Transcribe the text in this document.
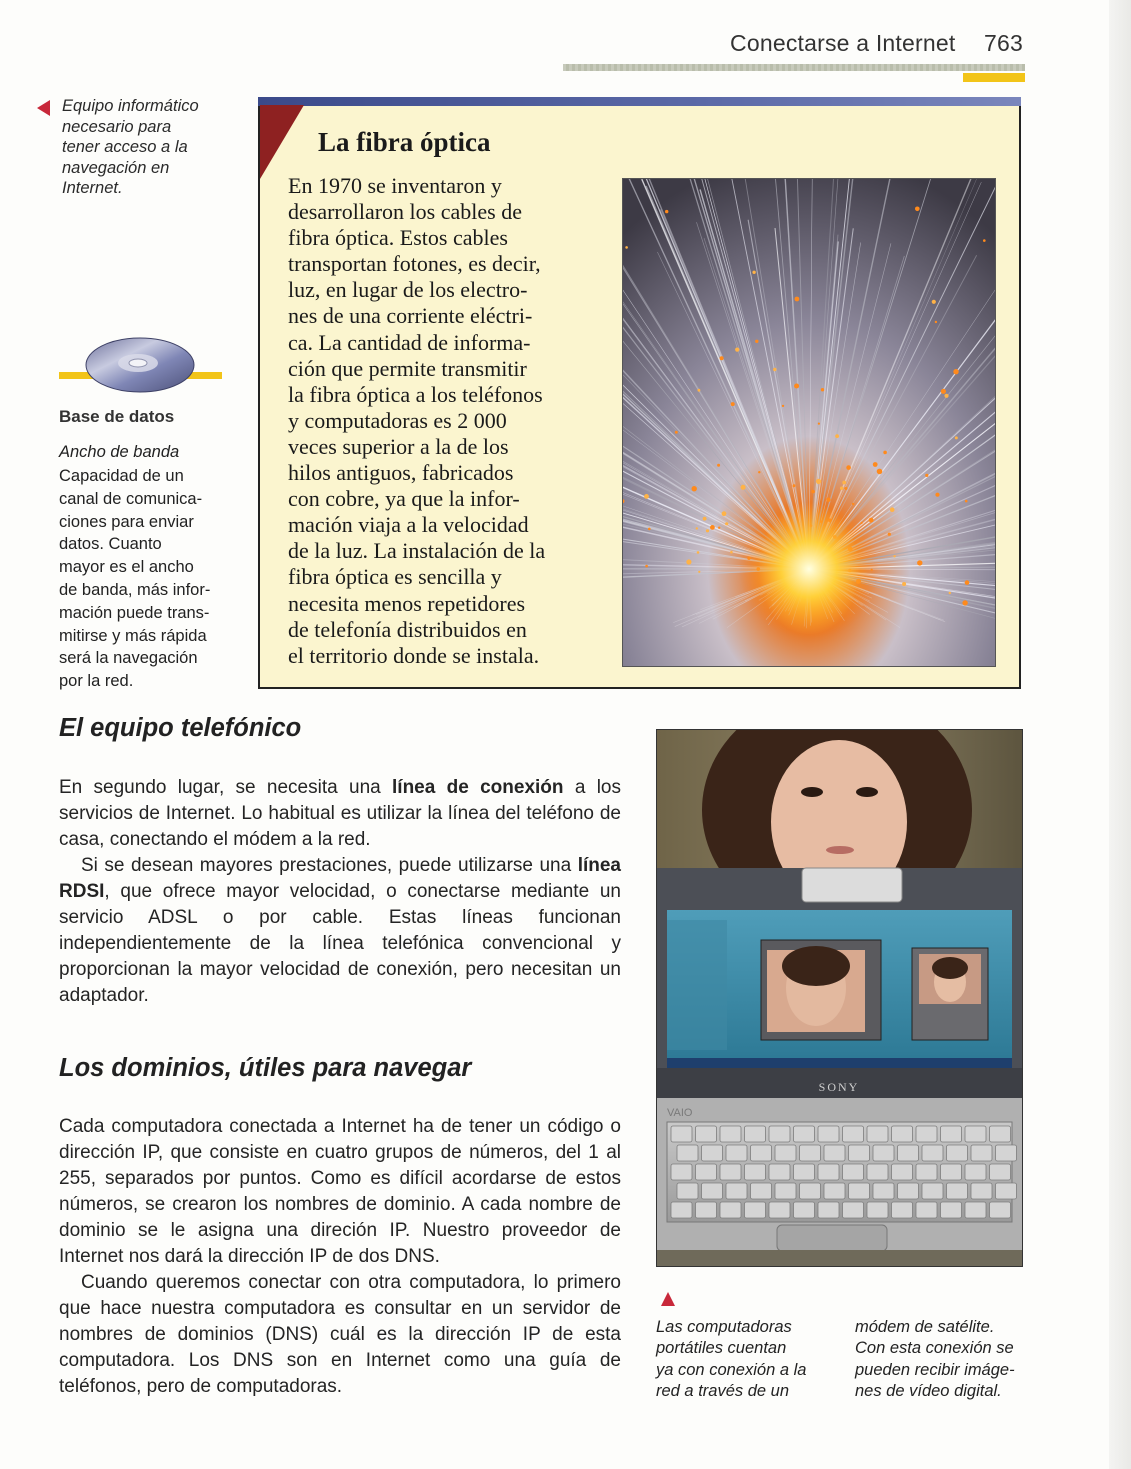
Conectarse a Internet 763
Equipo informático
necesario para
tener acceso a la
navegación en
Internet.
Base de datos
Ancho de banda
Capacidad de un
canal de comunica-
ciones para enviar
datos. Cuanto
mayor es el ancho
de banda, más infor-
mación puede trans-
mitirse y más rápida
será la navegación
por la red.
La fibra óptica
En 1970 se inventaron y
desarrollaron los cables de
fibra óptica. Estos cables
transportan fotones, es decir,
luz, en lugar de los electro-
nes de una corriente eléctri-
ca. La cantidad de informa-
ción que permite transmitir
la fibra óptica a los teléfonos
y computadoras es 2 000
veces superior a la de los
hilos antiguos, fabricados
con cobre, ya que la infor-
mación viaja a la velocidad
de la luz. La instalación de la
fibra óptica es sencilla y
necesita menos repetidores
de telefonía distribuidos en
el territorio donde se instala.
El equipo telefónico

En segundo lugar, se necesita una línea de conexión a los servicios de Internet. Lo habitual es utilizar la línea del teléfono de casa, conectando el módem a la red.

Si se desean mayores prestaciones, puede utilizarse una línea RDSI, que ofrece mayor velocidad, o conectarse mediante un servicio ADSL o por cable. Estas líneas funcionan independientemente de la línea telefónica convencional y proporcionan la mayor velocidad de conexión, pero necesitan un adaptador.

Los dominios, útiles para navegar

Cada computadora conectada a Internet ha de tener un código o dirección IP, que consiste en cuatro grupos de números, del 1 al 255, separados por puntos. Como es difícil acordarse de estos números, se crearon los nombres de dominio. A cada nombre de dominio se le asigna una direción IP. Nuestro proveedor de Internet nos dará la dirección IP de dos DNS.

Cuando queremos conectar con otra computadora, lo primero que hace nuestra computadora es consultar en un servidor de nombres de dominios (DNS) cuál es la dirección IP de esta computadora. Los DNS son en Internet como una guía de teléfonos, pero de computadoras.

SONY
VAIO
Las computadoras
portátiles cuentan
ya con conexión a la
red a través de un
módem de satélite.
Con esta conexión se
pueden recibir imáge-
nes de vídeo digital.
